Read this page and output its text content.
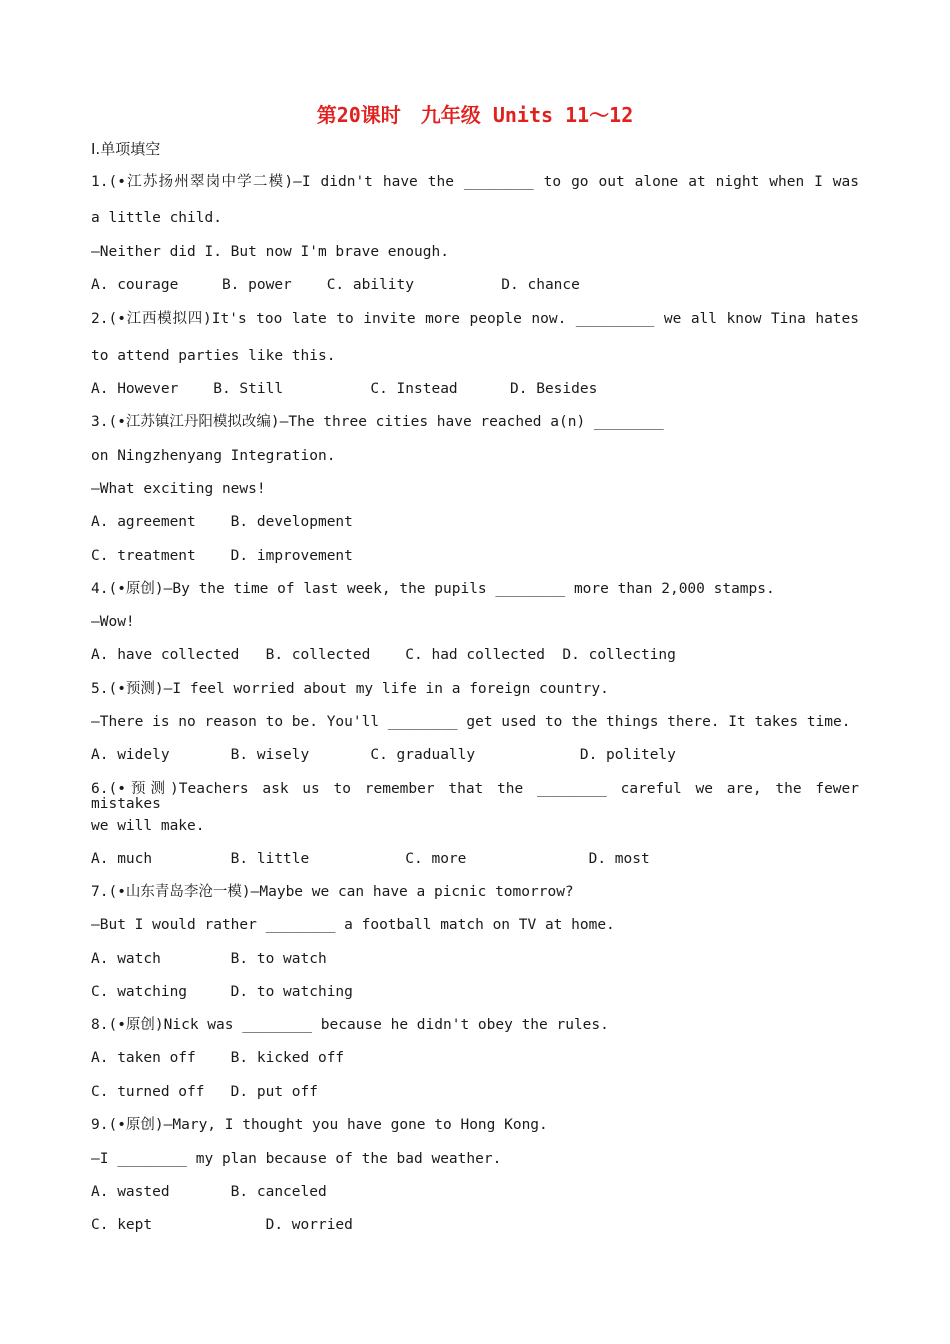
第20课时　九年级 Units 11～12
Ⅰ.单项填空
1.(•江苏扬州翠岗中学二模)—I didn't have the ________ to go out alone at night when I was
a little child.
—Neither did I. But now I'm brave enough.
A. courage     B. power    C. ability          D. chance
2.(•江西模拟四)It's too late to invite more people now. _________ we all know Tina hates
to attend parties like this.
A. However    B. Still          C. Instead      D. Besides
3.(•江苏镇江丹阳模拟改编)—The three cities have reached a(n) ________
on Ningzhenyang Integration.
—What exciting news!
A. agreement    B. development
C. treatment    D. improvement
4.(•原创)—By the time of last week, the pupils ________ more than 2,000 stamps.
—Wow!
A. have collected   B. collected    C. had collected  D. collecting
5.(•预测)—I feel worried about my life in a foreign country.
—There is no reason to be. You'll ________ get used to the things there. It takes time.
A. widely       B. wisely       C. gradually            D. politely
6.(•预测)Teachers ask us to remember that the ________ careful we are, the fewer mistakes
we will make.
A. much         B. little           C. more              D. most
7.(•山东青岛李沧一模)—Maybe we can have a picnic tomorrow?
—But I would rather ________ a football match on TV at home.
A. watch        B. to watch
C. watching     D. to watching
8.(•原创)Nick was ________ because he didn't obey the rules.
A. taken off    B. kicked off
C. turned off   D. put off
9.(•原创)—Mary, I thought you have gone to Hong Kong.
—I ________ my plan because of the bad weather.
A. wasted       B. canceled
C. kept             D. worried
